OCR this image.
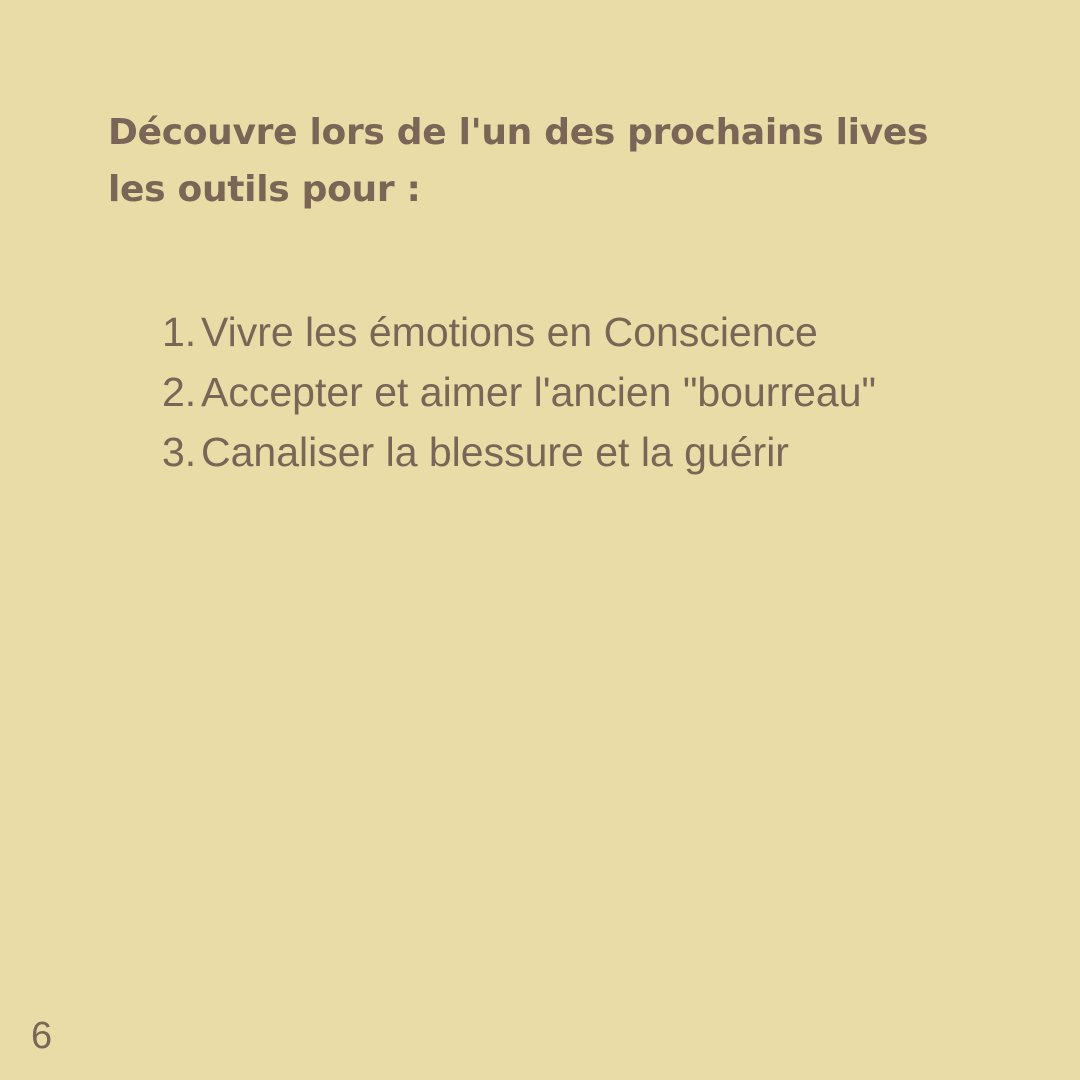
Découvre lors de l'un des prochains lives
les outils pour :
1. Vivre les émotions en Conscience
2. Accepter et aimer l'ancien "bourreau"
3. Canaliser la blessure et la guérir
6
